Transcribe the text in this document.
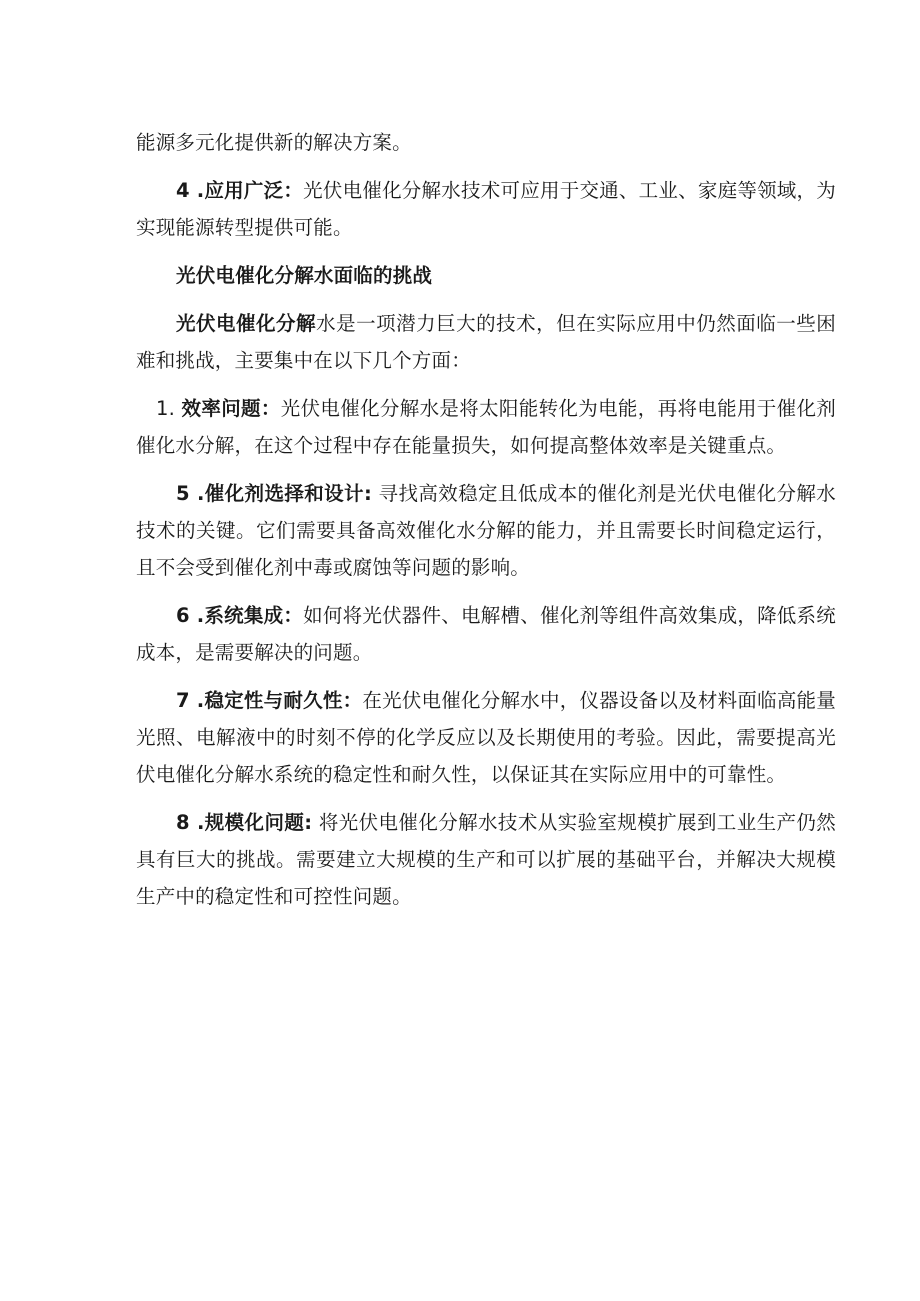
能源多元化提供新的解决方案。

4 .应用广泛：光伏电催化分解水技术可应用于交通、工业、家庭等领域，为实现能源转型提供可能。

光伏电催化分解水面临的挑战

光伏电催化分解水是一项潜力巨大的技术，但在实际应用中仍然面临一些困难和挑战，主要集中在以下几个方面：

1. 效率问题：光伏电催化分解水是将太阳能转化为电能，再将电能用于催化剂催化水分解，在这个过程中存在能量损失，如何提高整体效率是关键重点。

5 .催化剂选择和设计: 寻找高效稳定且低成本的催化剂是光伏电催化分解水技术的关键。它们需要具备高效催化水分解的能力，并且需要长时间稳定运行，且不会受到催化剂中毒或腐蚀等问题的影响。

6 .系统集成：如何将光伏器件、电解槽、催化剂等组件高效集成，降低系统成本，是需要解决的问题。

7 .稳定性与耐久性：在光伏电催化分解水中，仪器设备以及材料面临高能量光照、电解液中的时刻不停的化学反应以及长期使用的考验。因此，需要提高光伏电催化分解水系统的稳定性和耐久性，以保证其在实际应用中的可靠性。

8 .规模化问题: 将光伏电催化分解水技术从实验室规模扩展到工业生产仍然具有巨大的挑战。需要建立大规模的生产和可以扩展的基础平台，并解决大规模生产中的稳定性和可控性问题。
